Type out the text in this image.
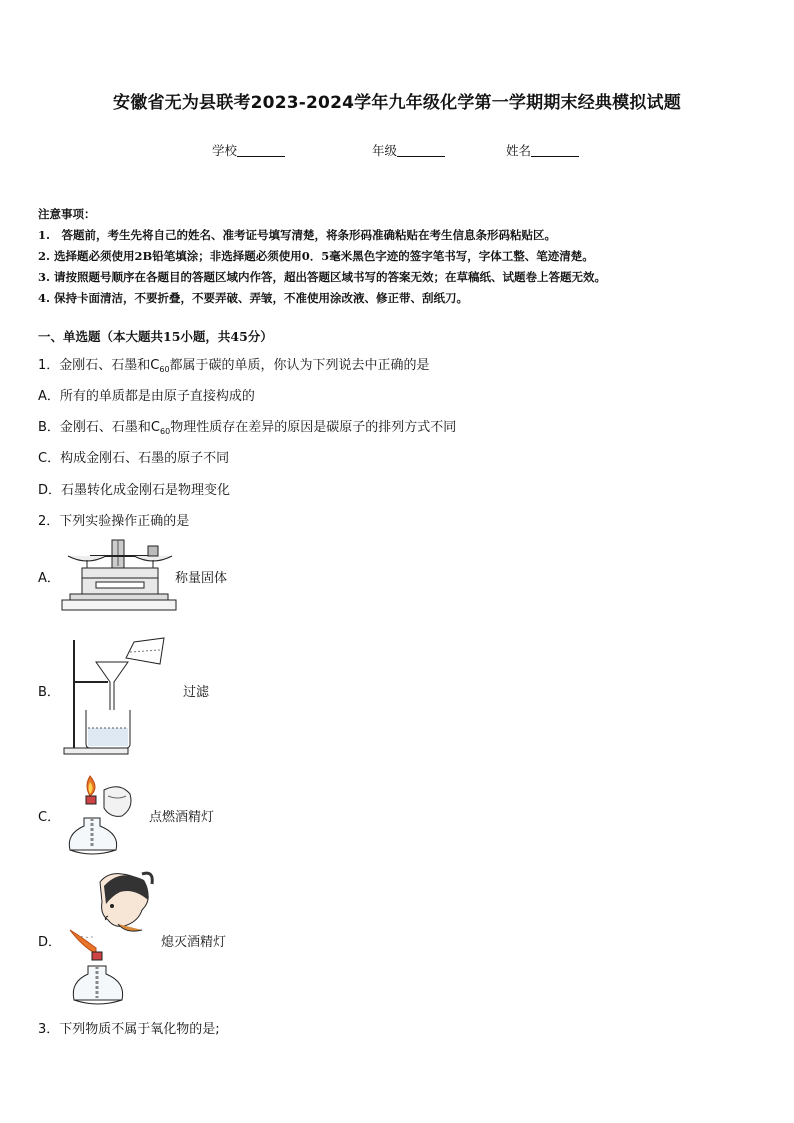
安徽省无为县联考2023-2024学年九年级化学第一学期期末经典模拟试题
学校	年级	姓名
注意事项：
1.　答题前，考生先将自己的姓名、准考证号填写清楚，将条形码准确粘贴在考生信息条形码粘贴区。
2. 选择题必须使用2B铅笔填涂；非选择题必须使用0．5毫米黑色字迹的签字笔书写，字体工整、笔迹清楚。
3. 请按照题号顺序在各题目的答题区域内作答，超出答题区域书写的答案无效；在草稿纸、试题卷上答题无效。
4. 保持卡面清洁，不要折叠，不要弄破、弄皱，不准使用涂改液、修正带、刮纸刀。
一、单选题（本大题共15小题，共45分）
1．金刚石、石墨和$C_{60}$都属于碳的单质，你认为下列说去中正确的是
A．所有的单质都是由原子直接构成的
B．金刚石、石墨和$C_{60}$物理性质存在差异的原因是碳原子的排列方式不同
C．构成金刚石、石墨的原子不同
D．石墨转化成金刚石是物理变化
2．下列实验操作正确的是
A．	称量固体
B．	过滤
C．	点燃酒精灯
D．	熄灭酒精灯
3．下列物质不属于氧化物的是;
